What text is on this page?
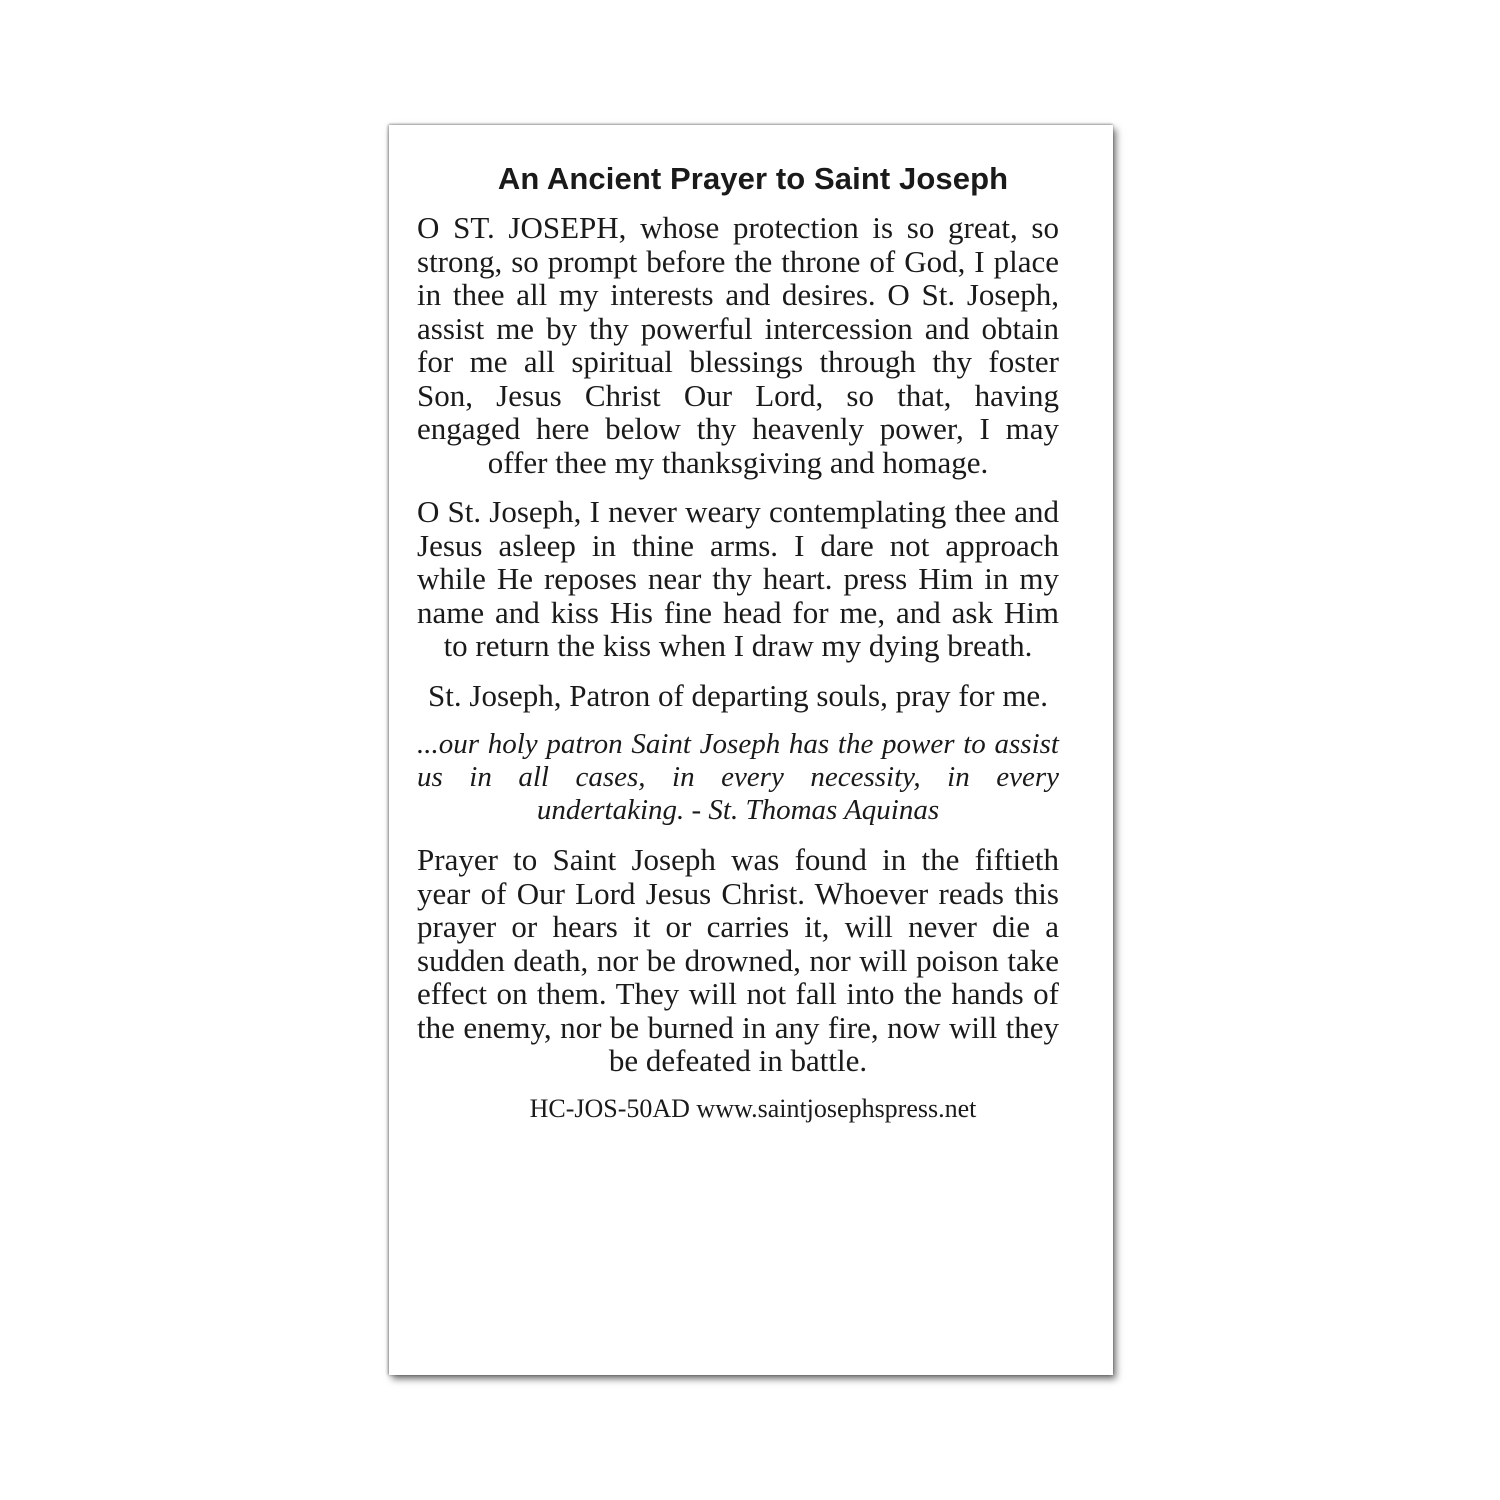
An Ancient Prayer to Saint Joseph

O ST. JOSEPH, whose protection is so great, so strong, so prompt before the throne of God, I place in thee all my interests and desires. O St. Joseph, assist me by thy powerful intercession and obtain for me all spiritual blessings through thy foster Son, Jesus Christ Our Lord, so that, having engaged here below thy heavenly power, I may offer thee my thanksgiving and homage.

O St. Joseph, I never weary contemplating thee and Jesus asleep in thine arms. I dare not approach while He reposes near thy heart. press Him in my name and kiss His fine head for me, and ask Him to return the kiss when I draw my dying breath.

St. Joseph, Patron of departing souls, pray for me.

...our holy patron Saint Joseph has the power to assist us in all cases, in every necessity, in every undertaking. - St. Thomas Aquinas

Prayer to Saint Joseph was found in the fiftieth year of Our Lord Jesus Christ. Whoever reads this prayer or hears it or carries it, will never die a sudden death, nor be drowned, nor will poison take effect on them. They will not fall into the hands of the enemy, nor be burned in any fire, now will they be defeated in battle.

HC-JOS-50AD www.saintjosephspress.net
